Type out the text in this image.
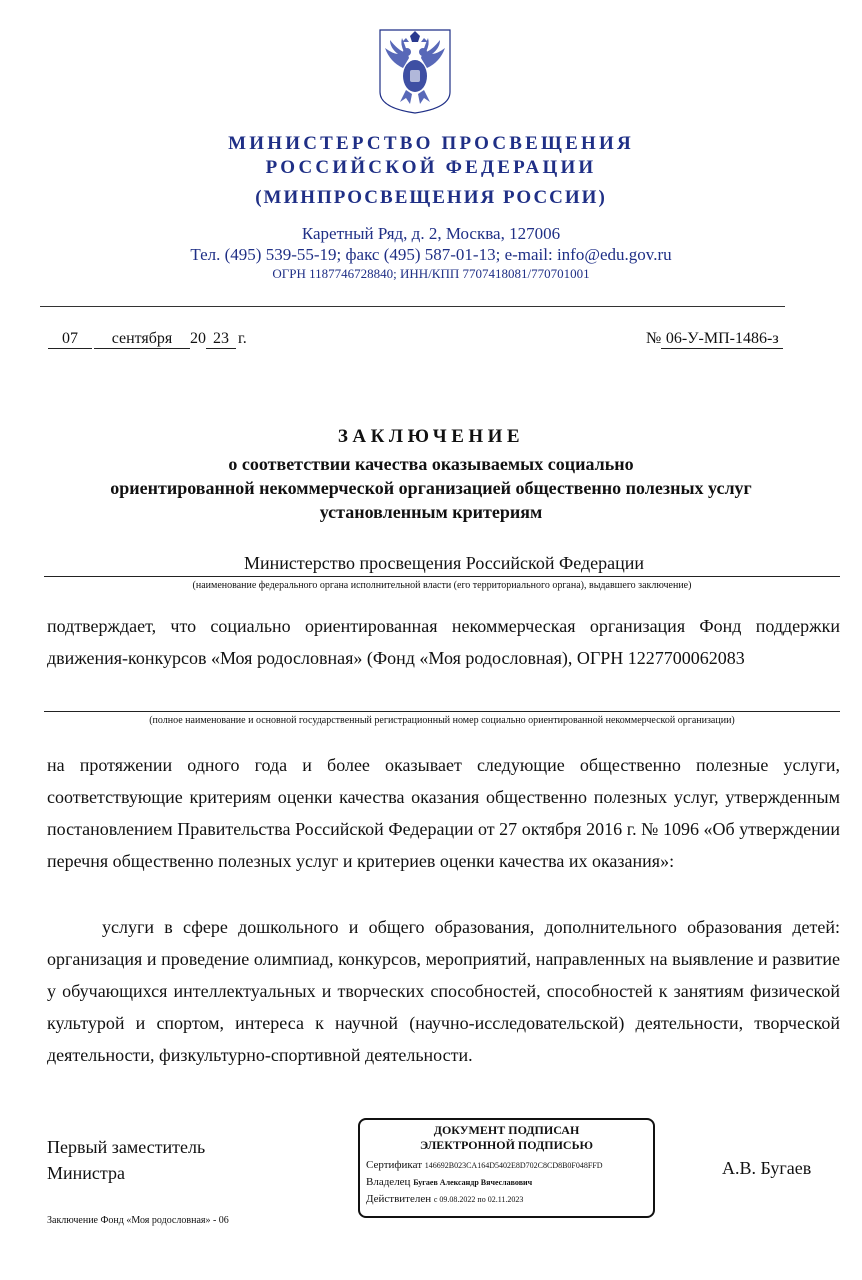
МИНИСТЕРСТВО ПРОСВЕЩЕНИЯ
РОССИЙСКОЙ ФЕДЕРАЦИИ
(МИНПРОСВЕЩЕНИЯ РОССИИ)
Каретный Ряд, д. 2, Москва, 127006
Тел. (495) 539-55-19; факс (495) 587-01-13; e-mail: info@edu.gov.ru
ОГРН 1187746728840; ИНН/КПП 7707418081/770701001
07 сентября 20 23 г.	№ 06-У-МП-1486-з
ЗАКЛЮЧЕНИЕ
о соответствии качества оказываемых социально
ориентированной некоммерческой организацией общественно полезных услуг
установленным критериям
Министерство просвещения Российской Федерации
(наименование федерального органа исполнительной власти (его территориального органа), выдавшего заключение)
подтверждает, что социально ориентированная некоммерческая организация Фонд поддержки движения-конкурсов «Моя родословная» (Фонд «Моя родословная), ОГРН 1227700062083
(полное наименование и основной государственный регистрационный номер социально ориентированной некоммерческой организации)
на протяжении одного года и более оказывает следующие общественно полезные услуги, соответствующие критериям оценки качества оказания общественно полезных услуг, утвержденным постановлением Правительства Российской Федерации от 27 октября 2016 г. № 1096 «Об утверждении перечня общественно полезных услуг и критериев оценки качества их оказания»:
услуги в сфере дошкольного и общего образования, дополнительного образования детей: организация и проведение олимпиад, конкурсов, мероприятий, направленных на выявление и развитие у обучающихся интеллектуальных и творческих способностей, способностей к занятиям физической культурой и спортом, интереса к научной (научно-исследовательской) деятельности, творческой деятельности, физкультурно-спортивной деятельности.
Первый заместитель
Министра
ДОКУМЕНТ ПОДПИСАН
ЭЛЕКТРОННОЙ ПОДПИСЬЮ
Сертификат 146692B023CA164D5402E8D702C8CD8B0F048FFD
Владелец Бугаев Александр Вячеславович
Действителен с 09.08.2022 по 02.11.2023
А.В. Бугаев
Заключение Фонд «Моя родословная» - 06
